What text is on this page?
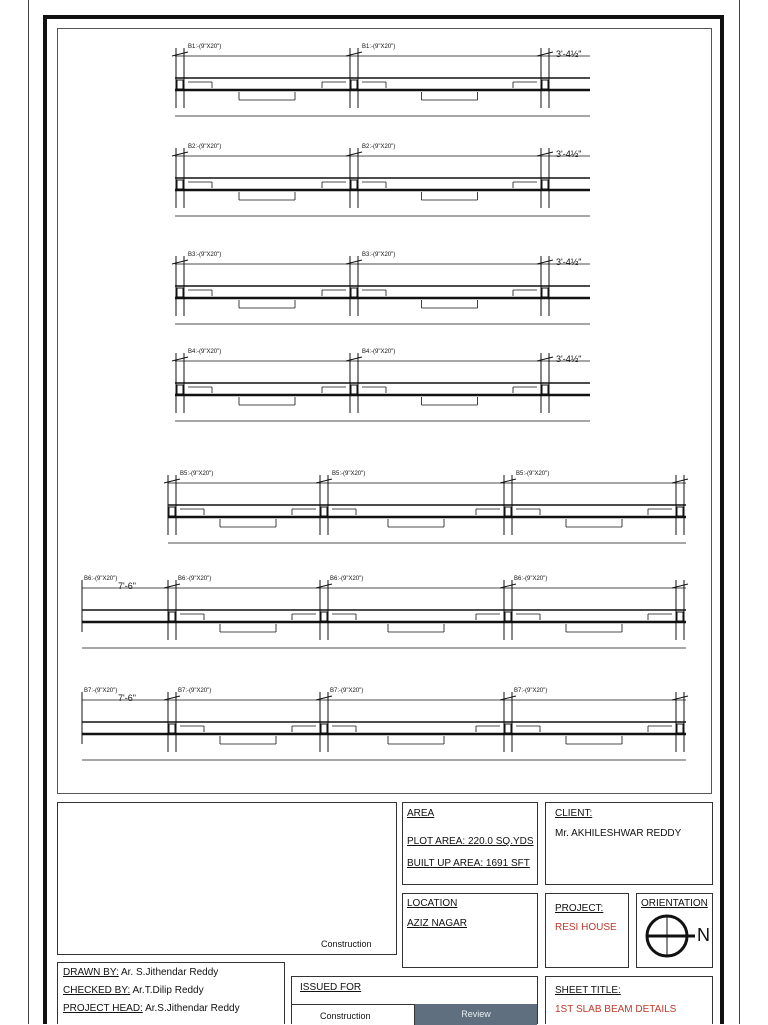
B1:-(9"X20")	B1:-(9"X20")
3'-4½"
B2:-(9"X20")	B2:-(9"X20")
3'-4½"
B3:-(9"X20")	B3:-(9"X20")
3'-4½"
B4:-(9"X20")	B4:-(9"X20")
3'-4½"
B5:-(9"X20")	B5:-(9"X20")	B5:-(9"X20")
B6:-(9"X20")	B6:-(9"X20")	B6:-(9"X20")	B6:-(9"X20")
7'-6"
B7:-(9"X20")	B7:-(9"X20")	B7:-(9"X20")	B7:-(9"X20")
7'-6"
Construction
AREA
PLOT AREA: 220.0 SQ.YDS
BUILT UP AREA: 1691 SFT
CLIENT:
Mr. AKHILESHWAR REDDY
LOCATION
AZIZ NAGAR
PROJECT:
RESI HOUSE
ORIENTATION
N
DRAWN BY: Ar. S.Jithendar Reddy
CHECKED BY: Ar.T.Dilip Reddy
PROJECT HEAD: Ar.S.Jithendar Reddy
ISSUED FOR
Construction	Review
SHEET TITLE:
1ST SLAB BEAM DETAILS
